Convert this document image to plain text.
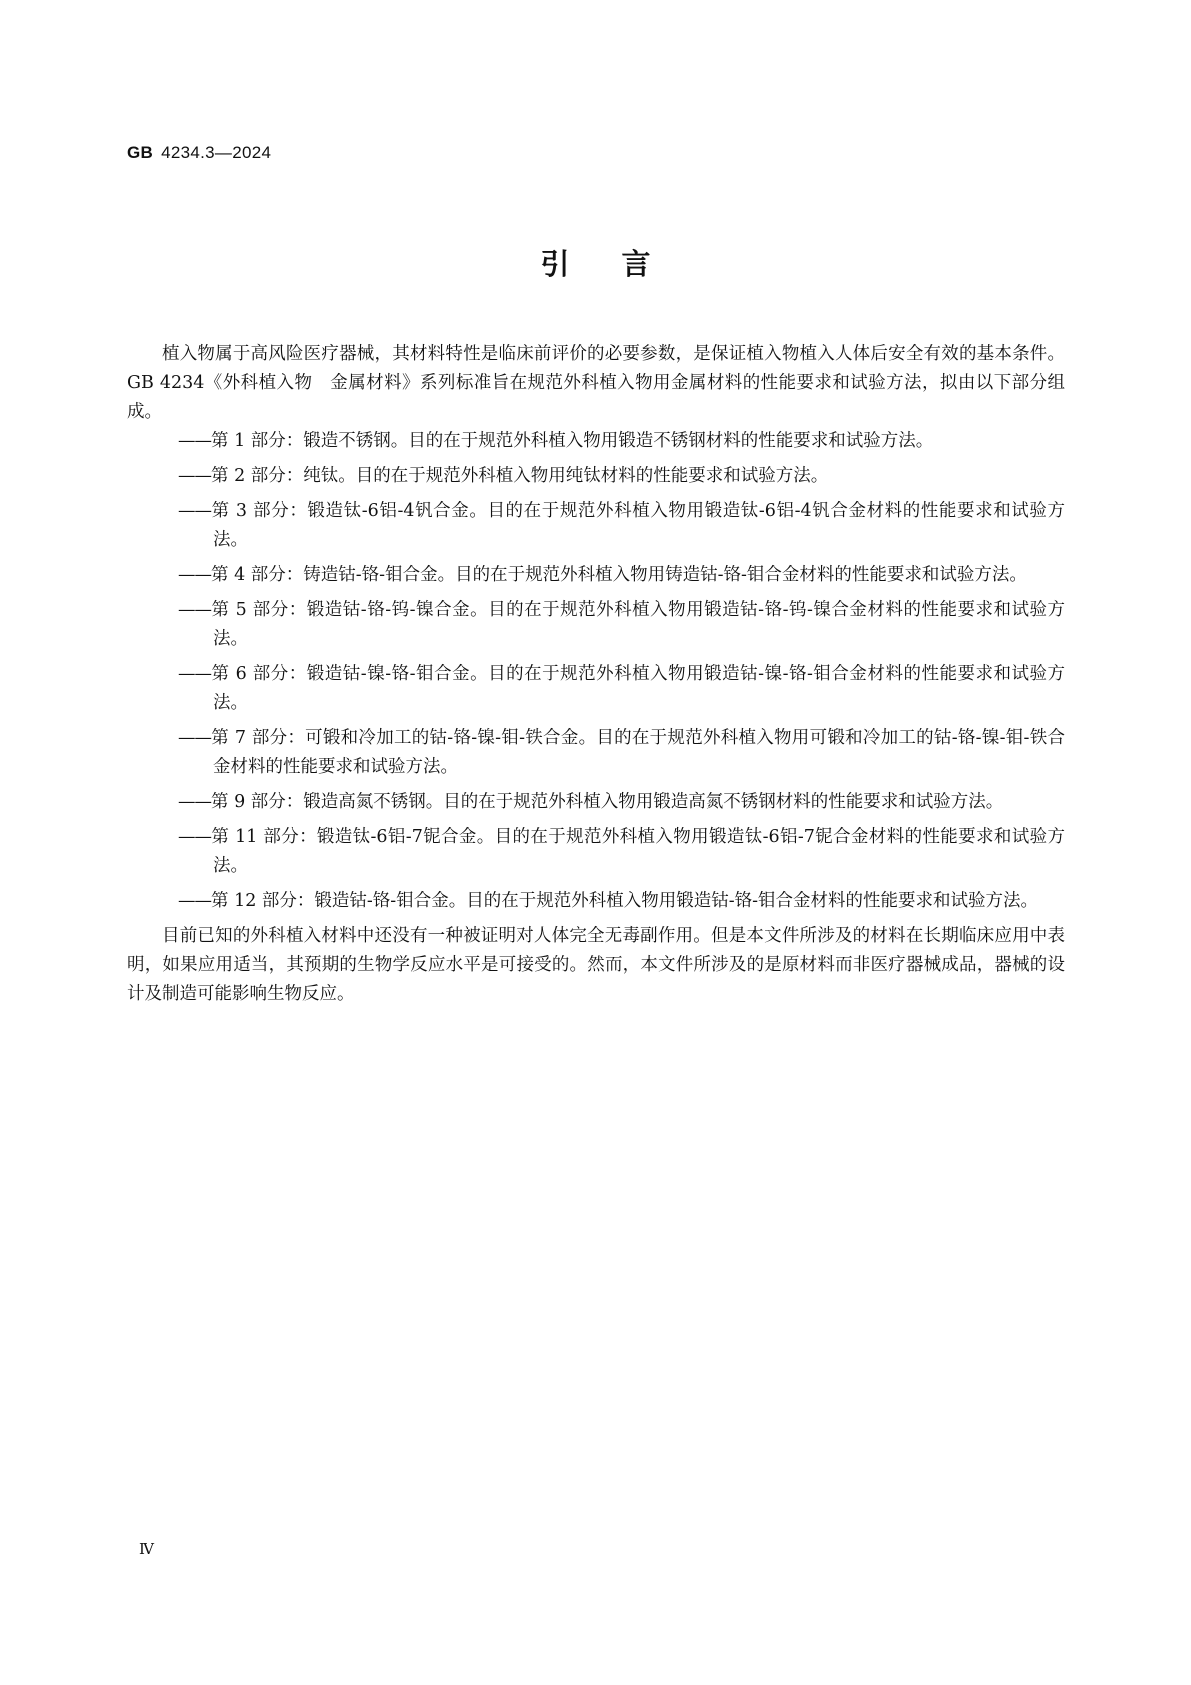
GB 4234.3—2024
引言

植入物属于高风险医疗器械，其材料特性是临床前评价的必要参数，是保证植入物植入人体后安全有效的基本条件。GB 4234《外科植入物　金属材料》系列标准旨在规范外科植入物用金属材料的性能要求和试验方法，拟由以下部分组成。

——第 1 部分：锻造不锈钢。目的在于规范外科植入物用锻造不锈钢材料的性能要求和试验方法。
——第 2 部分：纯钛。目的在于规范外科植入物用纯钛材料的性能要求和试验方法。
——第 3 部分：锻造钛-6铝-4钒合金。目的在于规范外科植入物用锻造钛-6铝-4钒合金材料的性能要求和试验方法。
——第 4 部分：铸造钴-铬-钼合金。目的在于规范外科植入物用铸造钴-铬-钼合金材料的性能要求和试验方法。
——第 5 部分：锻造钴-铬-钨-镍合金。目的在于规范外科植入物用锻造钴-铬-钨-镍合金材料的性能要求和试验方法。
——第 6 部分：锻造钴-镍-铬-钼合金。目的在于规范外科植入物用锻造钴-镍-铬-钼合金材料的性能要求和试验方法。
——第 7 部分：可锻和冷加工的钴-铬-镍-钼-铁合金。目的在于规范外科植入物用可锻和冷加工的钴-铬-镍-钼-铁合金材料的性能要求和试验方法。
——第 9 部分：锻造高氮不锈钢。目的在于规范外科植入物用锻造高氮不锈钢材料的性能要求和试验方法。
——第 11 部分：锻造钛-6铝-7铌合金。目的在于规范外科植入物用锻造钛-6铝-7铌合金材料的性能要求和试验方法。
——第 12 部分：锻造钴-铬-钼合金。目的在于规范外科植入物用锻造钴-铬-钼合金材料的性能要求和试验方法。

目前已知的外科植入材料中还没有一种被证明对人体完全无毒副作用。但是本文件所涉及的材料在长期临床应用中表明，如果应用适当，其预期的生物学反应水平是可接受的。然而，本文件所涉及的是原材料而非医疗器械成品，器械的设计及制造可能影响生物反应。

Ⅳ
